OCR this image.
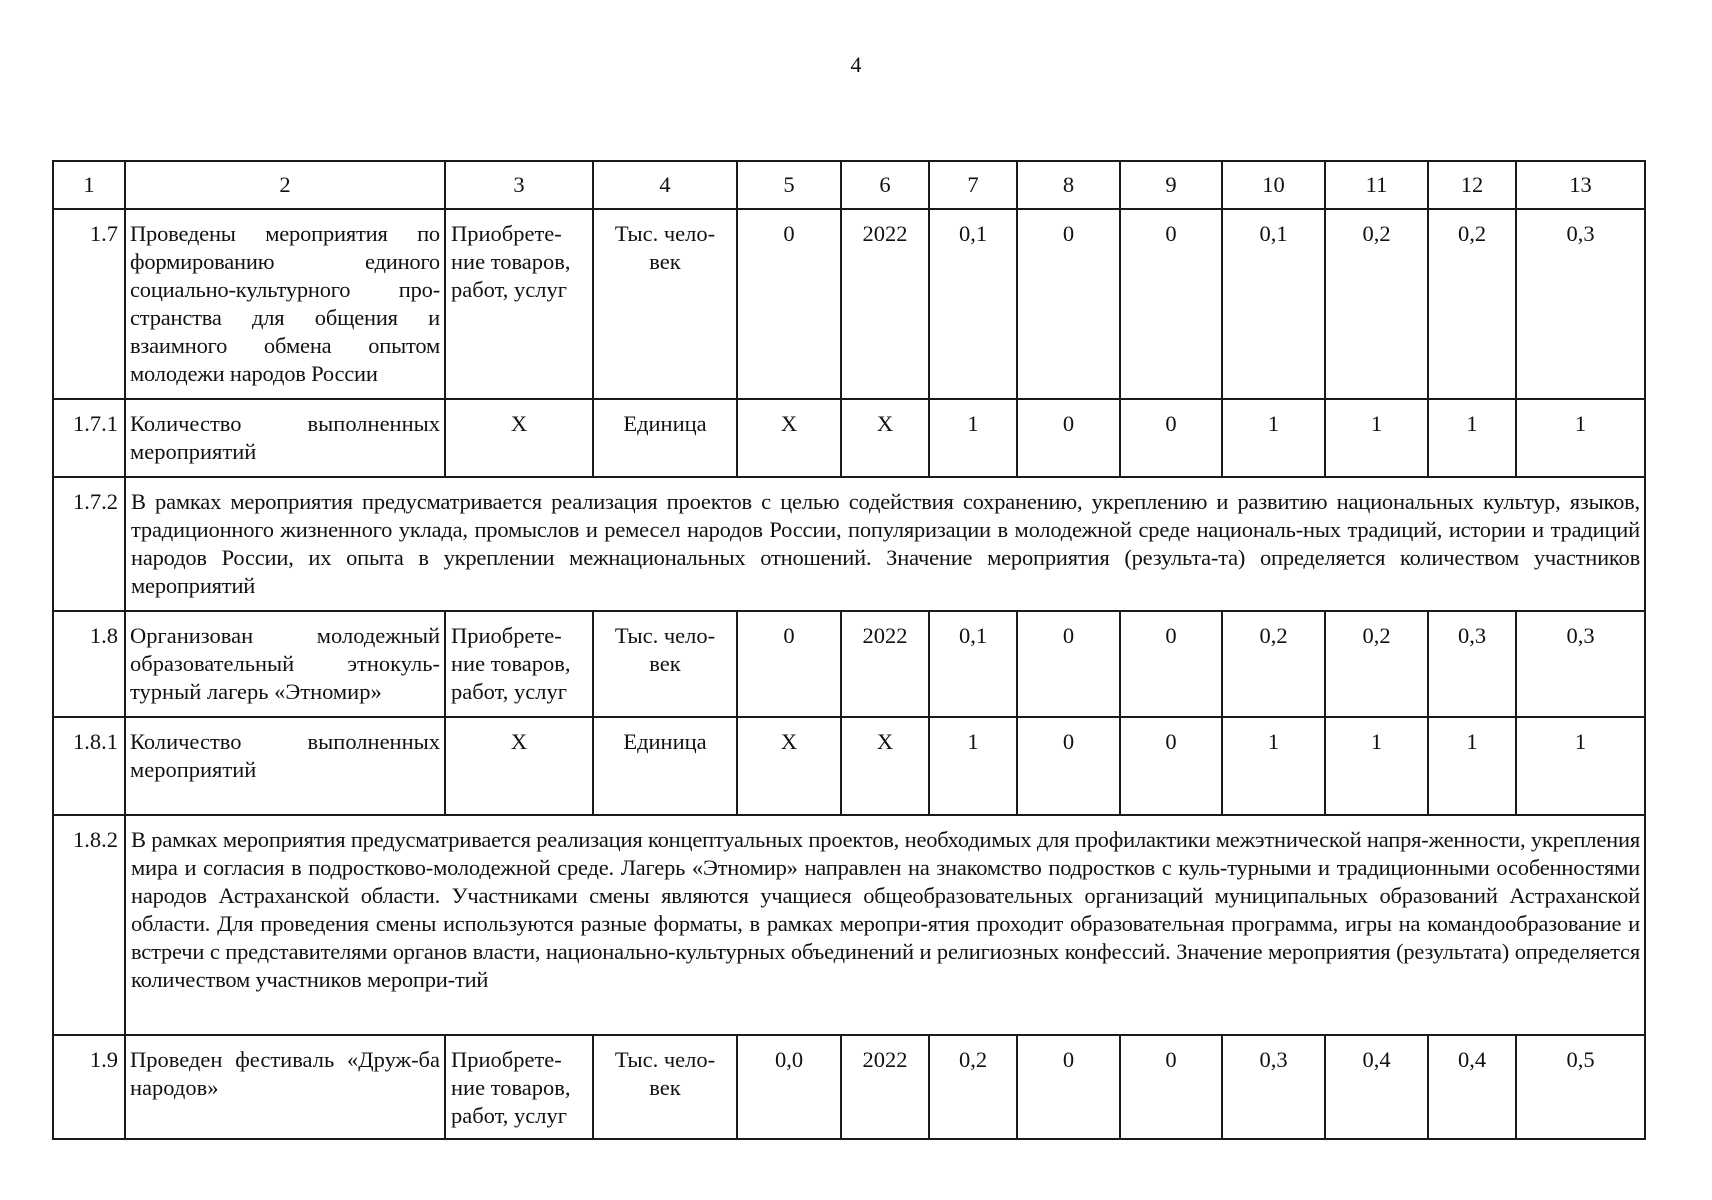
4
1	2	3	4	5	6	7	8	9	10	11	12	13
1.7	Проведены мероприятия по формированию единого социально-культурного про-странства для общения и взаимного обмена опытом молодежи народов России	Приобрете-ние товаров, работ, услуг	Тыс. чело-век	0	2022	0,1	0	0	0,1	0,2	0,2	0,3
1.7.1	Количество выполненных мероприятий	X	Единица	X	X	1	0	0	1	1	1	1
1.7.2	В рамках мероприятия предусматривается реализация проектов с целью содействия сохранению, укреплению и развитию национальных культур, языков, традиционного жизненного уклада, промыслов и ремесел народов России, популяризации в молодежной среде националь-ных традиций, истории и традиций народов России, их опыта в укреплении межнациональных отношений. Значение мероприятия (результа-та) определяется количеством участников мероприятий											
1.8	Организован молодежный образовательный этнокуль-турный лагерь «Этномир»	Приобрете-ние товаров, работ, услуг	Тыс. чело-век	0	2022	0,1	0	0	0,2	0,2	0,3	0,3
1.8.1	Количество выполненных мероприятий	X	Единица	X	X	1	0	0	1	1	1	1
1.8.2	В рамках мероприятия предусматривается реализация концептуальных проектов, необходимых для профилактики межэтнической напря-женности, укрепления мира и согласия в подростково-молодежной среде. Лагерь «Этномир» направлен на знакомство подростков с куль-турными и традиционными особенностями народов Астраханской области. Участниками смены являются учащиеся общеобразовательных организаций муниципальных образований Астраханской области. Для проведения смены используются разные форматы, в рамках меропри-ятия проходит образовательная программа, игры на командообразование и встречи с представителями органов власти, национально-культурных объединений и религиозных конфессий. Значение мероприятия (результата) определяется количеством участников меропри-тий											
1.9	Проведен фестиваль «Друж-ба народов»	Приобрете-ние товаров, работ, услуг	Тыс. чело-век	0,0	2022	0,2	0	0	0,3	0,4	0,4	0,5
